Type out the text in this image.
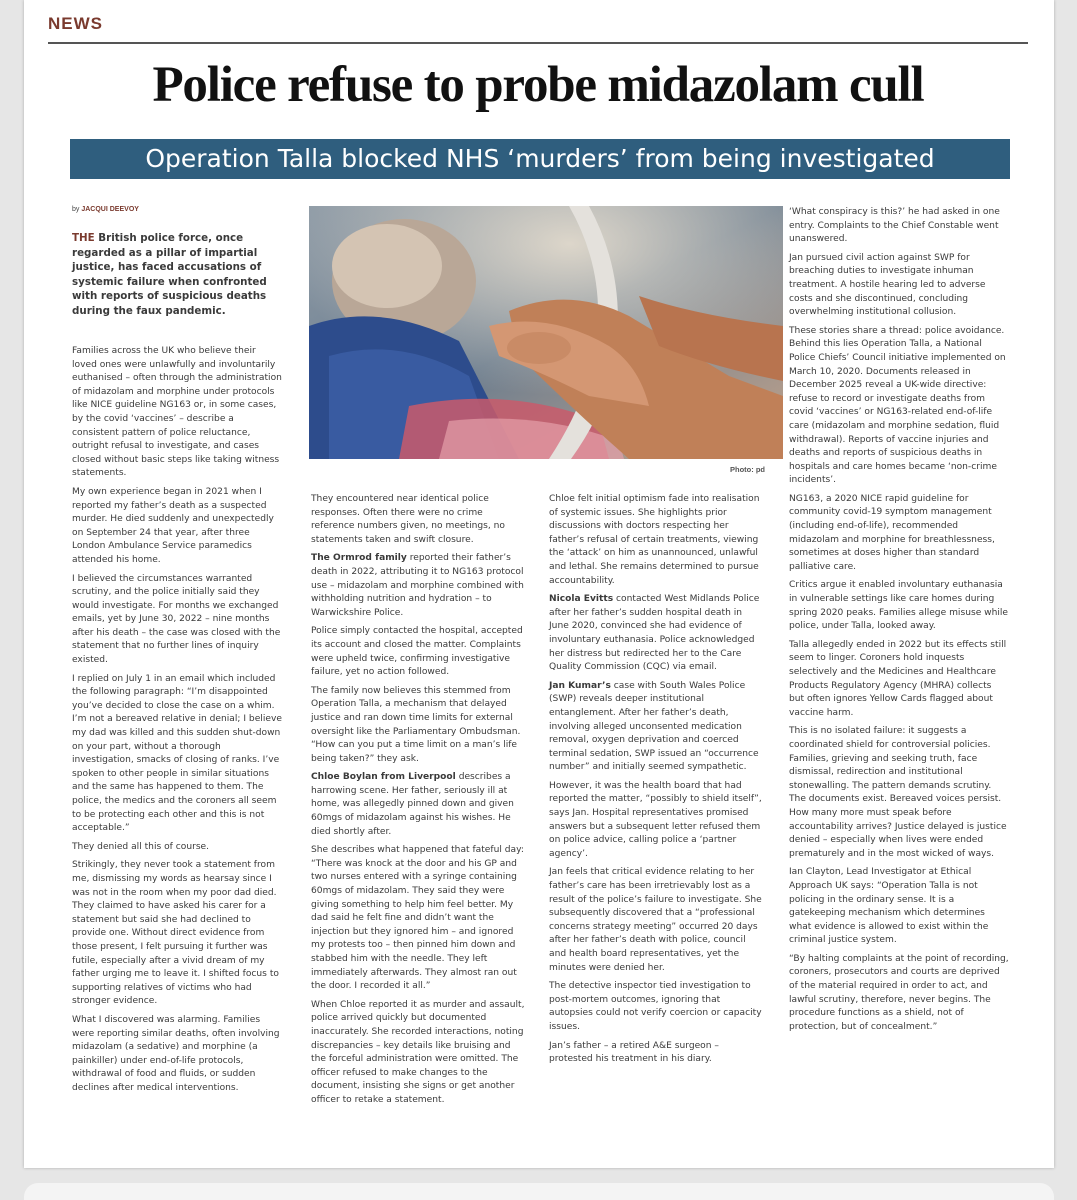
NEWS
Police refuse to probe midazolam cull
Operation Talla blocked NHS ‘murders’ from being investigated
by JACQUI DEEVOY

THE British police force, once regarded as a pillar of impartial justice, has faced accusations of systemic failure when confronted with reports of suspicious deaths during the faux pandemic.

Photo: pd

Families across the UK who believe their loved ones were unlawfully and involuntarily euthanised – often through the administration of midazolam and morphine under protocols like NICE guideline NG163 or, in some cases, by the covid ‘vaccines’ – describe a consistent pattern of police reluctance, outright refusal to investigate, and cases closed without basic steps like taking witness statements.

My own experience began in 2021 when I reported my father’s death as a suspected murder. He died suddenly and unexpectedly on September 24 that year, after three London Ambulance Service paramedics attended his home.

I believed the circumstances warranted scrutiny, and the police initially said they would investigate. For months we exchanged emails, yet by June 30, 2022 – nine months after his death – the case was closed with the statement that no further lines of inquiry existed.

I replied on July 1 in an email which included the following paragraph: “I’m disappointed you’ve decided to close the case on a whim. I’m not a bereaved relative in denial; I believe my dad was killed and this sudden shut-down on your part, without a thorough investigation, smacks of closing of ranks. I’ve spoken to other people in similar situations and the same has happened to them. The police, the medics and the coroners all seem to be protecting each other and this is not acceptable.”

They denied all this of course.

Strikingly, they never took a statement from me, dismissing my words as hearsay since I was not in the room when my poor dad died. They claimed to have asked his carer for a statement but said she had declined to provide one. Without direct evidence from those present, I felt pursuing it further was futile, especially after a vivid dream of my father urging me to leave it. I shifted focus to supporting relatives of victims who had stronger evidence.

What I discovered was alarming. Families were reporting similar deaths, often involving midazolam (a sedative) and morphine (a painkiller) under end-of-life protocols, withdrawal of food and fluids, or sudden declines after medical interventions.

They encountered near identical police responses. Often there were no crime reference numbers given, no meetings, no statements taken and swift closure.

The Ormrod family reported their father’s death in 2022, attributing it to NG163 protocol use – midazolam and morphine combined with withholding nutrition and hydration – to Warwickshire Police.

Police simply contacted the hospital, accepted its account and closed the matter. Complaints were upheld twice, confirming investigative failure, yet no action followed.

The family now believes this stemmed from Operation Talla, a mechanism that delayed justice and ran down time limits for external oversight like the Parliamentary Ombudsman. “How can you put a time limit on a man’s life being taken?” they ask.

Chloe Boylan from Liverpool describes a harrowing scene. Her father, seriously ill at home, was allegedly pinned down and given 60mgs of midazolam against his wishes. He died shortly after.

She describes what happened that fateful day: “There was knock at the door and his GP and two nurses entered with a syringe containing 60mgs of midazolam. They said they were giving something to help him feel better. My dad said he felt fine and didn’t want the injection but they ignored him – and ignored my protests too – then pinned him down and stabbed him with the needle. They left immediately afterwards. They almost ran out the door. I recorded it all.”

When Chloe reported it as murder and assault, police arrived quickly but documented inaccurately. She recorded interactions, noting discrepancies – key details like bruising and the forceful administration were omitted. The officer refused to make changes to the document, insisting she signs or get another officer to retake a statement.

Chloe felt initial optimism fade into realisation of systemic issues. She highlights prior discussions with doctors respecting her father’s refusal of certain treatments, viewing the ‘attack’ on him as unannounced, unlawful and lethal. She remains determined to pursue accountability.

Nicola Evitts contacted West Midlands Police after her father’s sudden hospital death in June 2020, convinced she had evidence of involuntary euthanasia. Police acknowledged her distress but redirected her to the Care Quality Commission (CQC) via email.

Jan Kumar’s case with South Wales Police (SWP) reveals deeper institutional entanglement. After her father’s death, involving alleged unconsented medication removal, oxygen deprivation and coerced terminal sedation, SWP issued an “occurrence number” and initially seemed sympathetic.

However, it was the health board that had reported the matter, “possibly to shield itself”, says Jan. Hospital representatives promised answers but a subsequent letter refused them on police advice, calling police a ‘partner agency’.

Jan feels that critical evidence relating to her father’s care has been irretrievably lost as a result of the police’s failure to investigate. She subsequently discovered that a “professional concerns strategy meeting” occurred 20 days after her father’s death with police, council and health board representatives, yet the minutes were denied her.

The detective inspector tied investigation to post-mortem outcomes, ignoring that autopsies could not verify coercion or capacity issues.

Jan’s father – a retired A&E surgeon – protested his treatment in his diary.

‘What conspiracy is this?’ he had asked in one entry. Complaints to the Chief Constable went unanswered.

Jan pursued civil action against SWP for breaching duties to investigate inhuman treatment. A hostile hearing led to adverse costs and she discontinued, concluding overwhelming institutional collusion.

These stories share a thread: police avoidance. Behind this lies Operation Talla, a National Police Chiefs’ Council initiative implemented on March 10, 2020. Documents released in December 2025 reveal a UK-wide directive: refuse to record or investigate deaths from covid ‘vaccines’ or NG163-related end-of-life care (midazolam and morphine sedation, fluid withdrawal). Reports of vaccine injuries and deaths and reports of suspicious deaths in hospitals and care homes became ‘non-crime incidents’.

NG163, a 2020 NICE rapid guideline for community covid-19 symptom management (including end-of-life), recommended midazolam and morphine for breathlessness, sometimes at doses higher than standard palliative care.

Critics argue it enabled involuntary euthanasia in vulnerable settings like care homes during spring 2020 peaks. Families allege misuse while police, under Talla, looked away.

Talla allegedly ended in 2022 but its effects still seem to linger. Coroners hold inquests selectively and the Medicines and Healthcare Products Regulatory Agency (MHRA) collects but often ignores Yellow Cards flagged about vaccine harm.

This is no isolated failure: it suggests a coordinated shield for controversial policies. Families, grieving and seeking truth, face dismissal, redirection and institutional stonewalling. The pattern demands scrutiny. The documents exist. Bereaved voices persist. How many more must speak before accountability arrives? Justice delayed is justice denied – especially when lives were ended prematurely and in the most wicked of ways.

Ian Clayton, Lead Investigator at Ethical Approach UK says: “Operation Talla is not policing in the ordinary sense. It is a gatekeeping mechanism which determines what evidence is allowed to exist within the criminal justice system.

“By halting complaints at the point of recording, coroners, prosecutors and courts are deprived of the material required in order to act, and lawful scrutiny, therefore, never begins. The procedure functions as a shield, not of protection, but of concealment.”
